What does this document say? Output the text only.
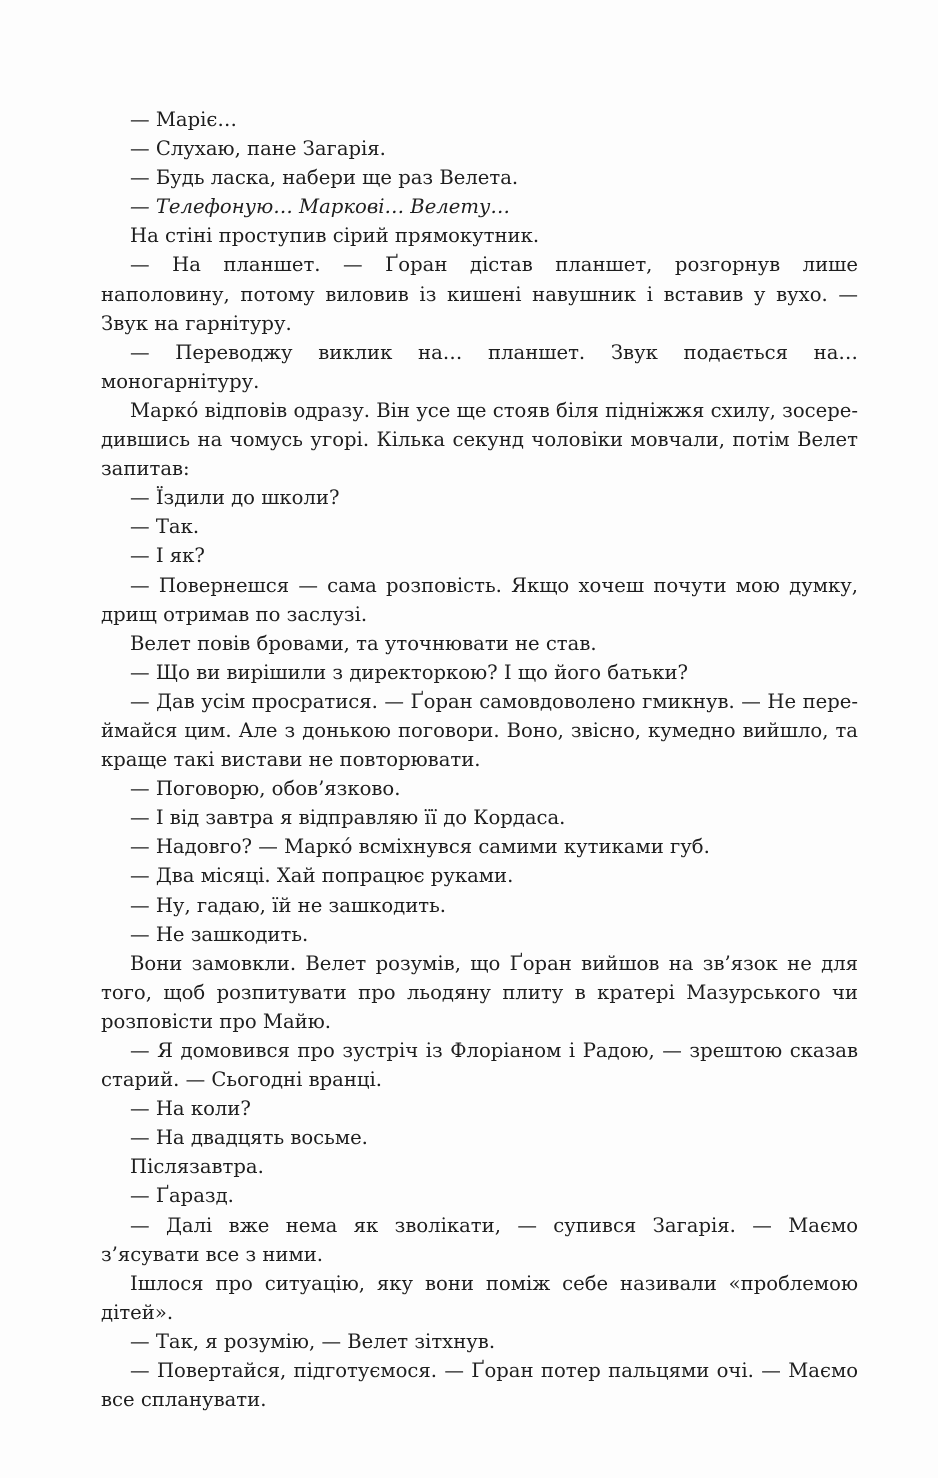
— Маріє…

— Слухаю, пане Загарія.

— Будь ласка, набери ще раз Велета.

— Телефоную… Маркові… Велету…

На стіні проступив сірий прямокутник.

— На планшет. — Ґоран дістав планшет, розгорнув лише наполовину, потому виловив із кишені навушник і вставив у вухо. — Звук на гарнітуру.

— Переводжу виклик на… планшет. Звук подається на… моногарнітуру.

Маркó відповів одразу. Він усе ще стояв біля підніжжя схилу, зосередившись на чомусь угорі. Кілька секунд чоловіки мовчали, потім Велет запитав:

— Їздили до школи?

— Так.

— І як?

— Повернешся — сама розповість. Якщо хочеш почути мою думку, дрищ отримав по заслузі.

Велет повів бровами, та уточнювати не став.

— Що ви вирішили з директоркою? І що його батьки?

— Дав усім просратися. — Ґоран самовдоволено гмикнув. — Не переймайся цим. Але з донькою поговори. Воно, звісно, кумедно вийшло, та краще такі вистави не повторювати.

— Поговорю, обов’язково.

— І від завтра я відправляю її до Кордаса.

— Надовго? — Маркó всміхнувся самими кутиками губ.

— Два місяці. Хай попрацює руками.

— Ну, гадаю, їй не зашкодить.

— Не зашкодить.

Вони замовкли. Велет розумів, що Ґоран вийшов на зв’язок не для того, щоб розпитувати про льодяну плиту в кратері Мазурського чи розповісти про Майю.

— Я домовився про зустріч із Флоріаном і Радою, — зрештою сказав старий. — Сьогодні вранці.

— На коли?

— На двадцять восьме.

Післязавтра.

— Ґаразд.

— Далі вже нема як зволікати, — супився Загарія. — Маємо з’ясувати все з ними.

Ішлося про ситуацію, яку вони поміж себе називали «проблемою дітей».

— Так, я розумію, — Велет зітхнув.

— Повертайся, підготуємося. — Ґоран потер пальцями очі. — Маємо все спланувати.
